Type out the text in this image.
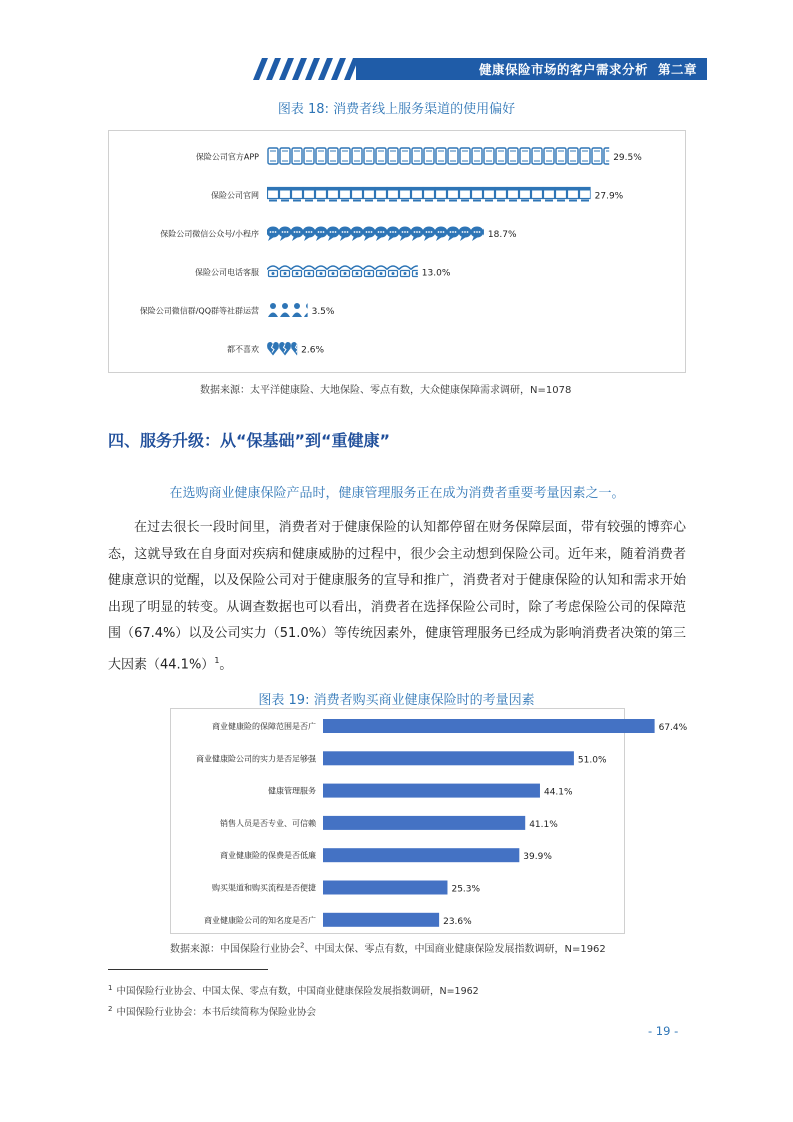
健康保险市场的客户需求分析 第二章
图表 18: 消费者线上服务渠道的使用偏好
保险公司官方APP	29.5%
保险公司官网	27.9%
保险公司微信公众号/小程序	18.7%
保险公司电话客服	13.0%
保险公司微信群/QQ群等社群运营	3.5%
都不喜欢	2.6%
数据来源：太平洋健康险、大地保险、零点有数，大众健康保障需求调研，N=1078
四、服务升级：从“保基础”到“重健康”
在选购商业健康保险产品时，健康管理服务正在成为消费者重要考量因素之一。

在过去很长一段时间里，消费者对于健康保险的认知都停留在财务保障层面，带有较强的博弈心态，这就导致在自身面对疾病和健康威胁的过程中，很少会主动想到保险公司。近年来，随着消费者健康意识的觉醒，以及保险公司对于健康服务的宣导和推广，消费者对于健康保险的认知和需求开始出现了明显的转变。从调查数据也可以看出，消费者在选择保险公司时，除了考虑保险公司的保障范围（67.4%）以及公司实力（51.0%）等传统因素外，健康管理服务已经成为影响消费者决策的第三大因素$(44.1\%)^1$。

图表 19: 消费者购买商业健康保险时的考量因素
商业健康险的保障范围是否广	67.4%
商业健康险公司的实力是否足够强	51.0%
健康管理服务	44.1%
销售人员是否专业、可信赖	41.1%
商业健康险的保费是否低廉	39.9%
购买渠道和购买流程是否便捷	25.3%
商业健康险公司的知名度是否广	23.6%
数据来源：中国保险行业协会$^2$、中国太保、零点有数，中国商业健康保险发展指数调研，N=1962
$^1$ 中国保险行业协会、中国太保、零点有数，中国商业健康保险发展指数调研，N=1962
$^2$ 中国保险行业协会：本书后续简称为保险业协会
- 19 -
